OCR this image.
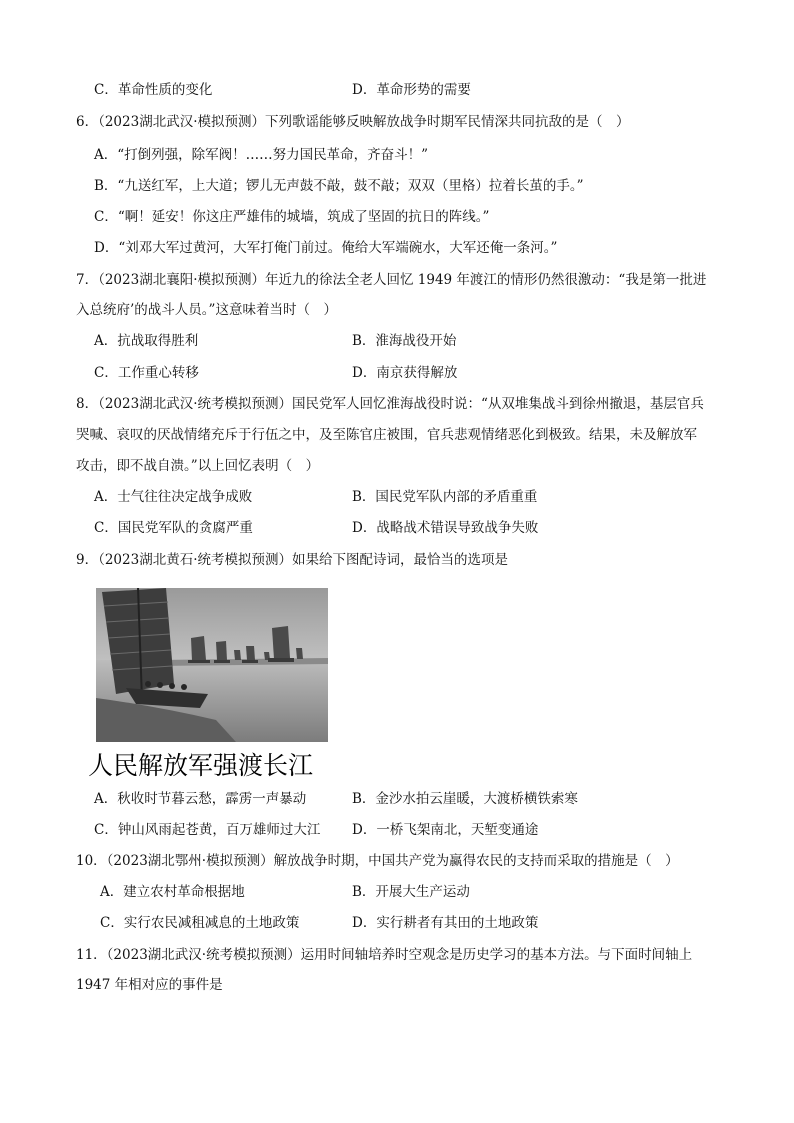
C．革命性质的变化	D．革命形势的需要
6．（2023湖北武汉·模拟预测）下列歌谣能够反映解放战争时期军民情深共同抗敌的是（　）
A．“打倒列强，除军阀！……努力国民革命，齐奋斗！”
B．“九送红军，上大道；锣儿无声鼓不敲，鼓不敲；双双（里格）拉着长茧的手。”
C．“啊！延安！你这庄严雄伟的城墙，筑成了坚固的抗日的阵线。”
D．“刘邓大军过黄河，大军打俺门前过。俺给大军端碗水，大军还俺一条河。”
7．（2023湖北襄阳·模拟预测）年近九的徐法全老人回忆 1949 年渡江的情形仍然很激动：“我是第一批进
入总统府’的战斗人员。”这意味着当时（　）
A．抗战取得胜利	B．淮海战役开始
C．工作重心转移	D．南京获得解放
8．（2023湖北武汉·统考模拟预测）国民党军人回忆淮海战役时说：“从双堆集战斗到徐州撤退，基层官兵
哭喊、哀叹的厌战情绪充斥于行伍之中，及至陈官庄被围，官兵悲观情绪恶化到极致。结果，未及解放军
攻击，即不战自溃。”以上回忆表明（　）
A．士气往往决定战争成败	B．国民党军队内部的矛盾重重
C．国民党军队的贪腐严重	D．战略战术错误导致战争失败
9．（2023湖北黄石·统考模拟预测）如果给下图配诗词，最恰当的选项是
人民解放军强渡长江
A．秋收时节暮云愁，霹雳一声暴动	B．金沙水拍云崖暖，大渡桥横铁索寒
C．钟山风雨起苍黄，百万雄师过大江 D．一桥飞架南北，天堑变通途
10．（2023湖北鄂州·模拟预测）解放战争时期，中国共产党为赢得农民的支持而采取的措施是（　）
A．建立农村革命根据地	B．开展大生产运动
C．实行农民减租减息的土地政策	D．实行耕者有其田的土地政策
11．（2023湖北武汉·统考模拟预测）运用时间轴培养时空观念是历史学习的基本方法。与下面时间轴上
1947 年相对应的事件是
